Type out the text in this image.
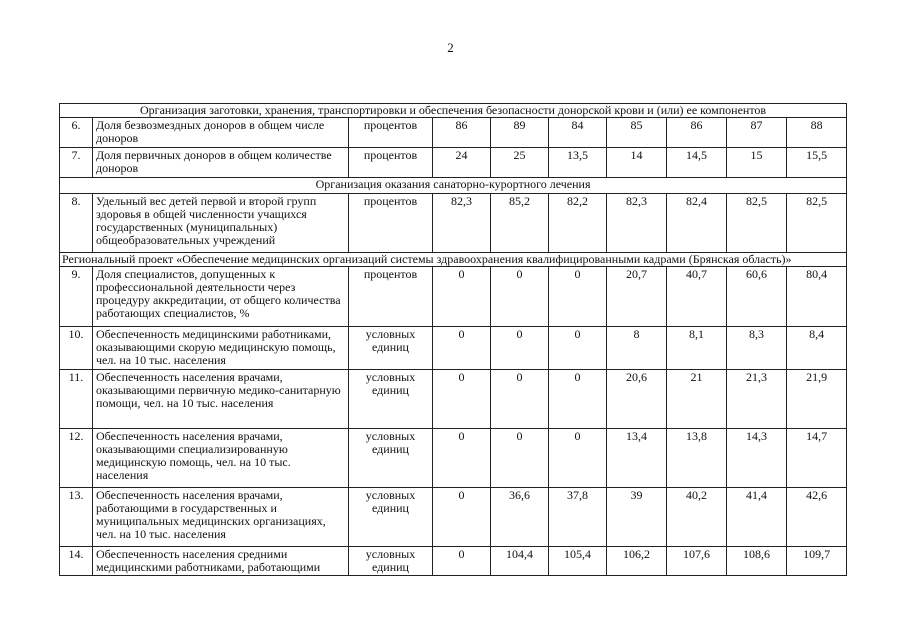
2
Организация заготовки, хранения, транспортировки и обеспечения безопасности донорской крови и (или) ее компонентов									
6.	Доля безвозмездных доноров в общем числе доноров	процентов	86	89	84	85	86	87	88
7.	Доля первичных доноров в общем количестве доноров	процентов	24	25	13,5	14	14,5	15	15,5
Организация оказания санаторно-курортного лечения									
8.	Удельный вес детей первой и второй групп здоровья в общей численности учащихся государственных (муниципальных) общеобразовательных учреждений	процентов	82,3	85,2	82,2	82,3	82,4	82,5	82,5
Региональный проект «Обеспечение медицинских организаций системы здравоохранения квалифицированными кадрами (Брянская область)»									
9.	Доля специалистов, допущенных к профессиональной деятельности через процедуру аккредитации, от общего количества работающих специалистов, %	процентов	0	0	0	20,7	40,7	60,6	80,4
10.	Обеспеченность медицинскими работниками, оказывающими скорую медицинскую помощь, чел. на 10 тыс. населения	условных единиц	0	0	0	8	8,1	8,3	8,4
11.	Обеспеченность населения врачами, оказывающими первичную медико-санитарную помощи, чел. на 10 тыс. населения	условных единиц	0	0	0	20,6	21	21,3	21,9
12.	Обеспеченность населения врачами, оказывающими специализированную медицинскую помощь, чел. на 10 тыс. населения	условных единиц	0	0	0	13,4	13,8	14,3	14,7
13.	Обеспеченность населения врачами, работающими в государственных и муниципальных медицинских организациях, чел. на 10 тыс. населения	условных единиц	0	36,6	37,8	39	40,2	41,4	42,6
14.	Обеспеченность населения средними медицинскими работниками, работающими	условных единиц	0	104,4	105,4	106,2	107,6	108,6	109,7
